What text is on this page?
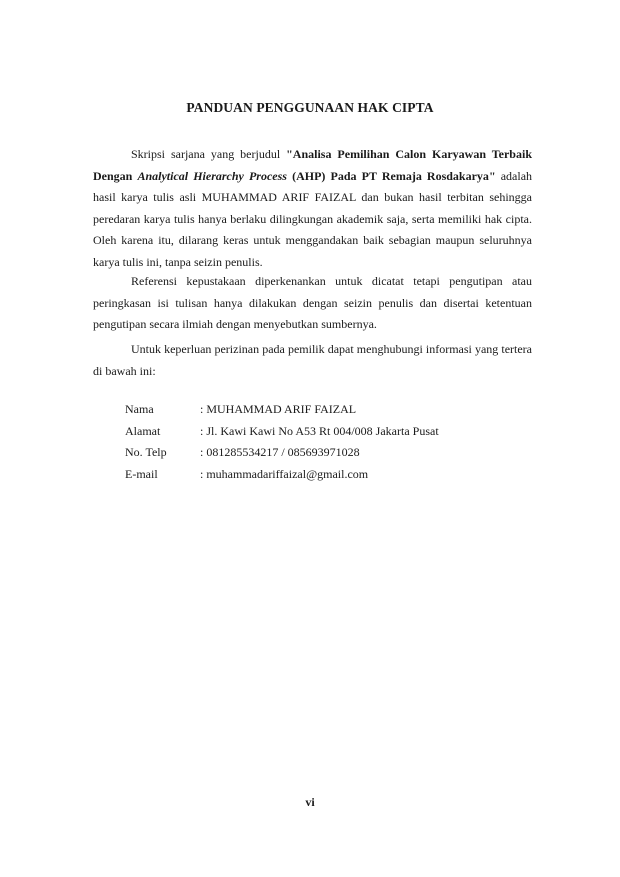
PANDUAN PENGGUNAAN HAK CIPTA

Skripsi sarjana yang berjudul "Analisa Pemilihan Calon Karyawan Terbaik Dengan Analytical Hierarchy Process (AHP) Pada PT Remaja Rosdakarya" adalah hasil karya tulis asli MUHAMMAD ARIF FAIZAL dan bukan hasil terbitan sehingga peredaran karya tulis hanya berlaku dilingkungan akademik saja, serta memiliki hak cipta. Oleh karena itu, dilarang keras untuk menggandakan baik sebagian maupun seluruhnya karya tulis ini, tanpa seizin penulis.

Referensi kepustakaan diperkenankan untuk dicatat tetapi pengutipan atau peringkasan isi tulisan hanya dilakukan dengan seizin penulis dan disertai ketentuan pengutipan secara ilmiah dengan menyebutkan sumbernya.

Untuk keperluan perizinan pada pemilik dapat menghubungi informasi yang tertera di bawah ini:

Nama	: MUHAMMAD ARIF FAIZAL
Alamat	: Jl. Kawi Kawi No A53 Rt 004/008 Jakarta Pusat
No. Telp	: 081285534217 / 085693971028
E-mail	: muhammadariffaizal@gmail.com
vi
